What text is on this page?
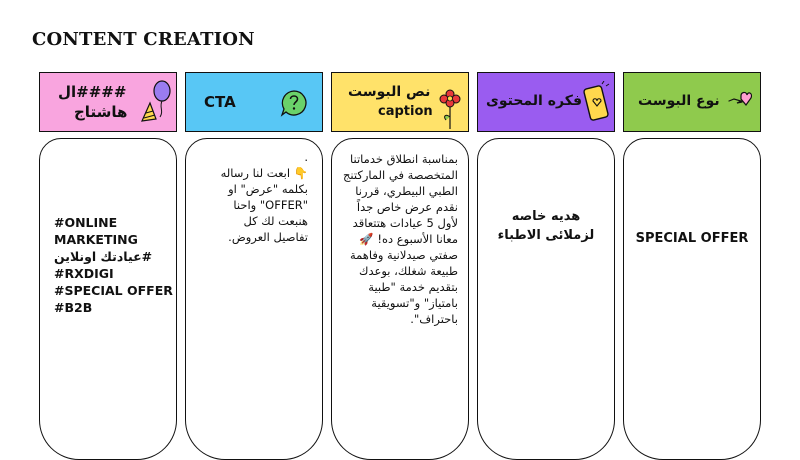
CONTENT CREATION
نوع البوست
SPECIAL OFFER
فكره المحتوى
هديه خاصه
لزملائى الاطباء
نص البوست
caption
بمناسبة انطلاق خدماتنا
المتخصصة في الماركتنج
الطبي البيطري، قررنا
نقدم عرض خاص جداً
لأول 5 عيادات هتتعاقد
معانا الأسبوع ده! 🚀
صفتي صيدلانية وفاهمة
طبيعة شغلك، بوعدك
بتقديم خدمة "طبية
بامتياز" و"تسويقية
باحتراف".
CTA
.
👇 ابعت لنا رساله
بكلمه "عرض" او
"OFFER" واحنا
هنبعت لك كل
تفاصيل العروض.
ال####
هاشتاج
#ONLINE
MARKETING
عيادتك اونلاين#
#RXDIGI
#SPECIAL OFFER
#B2B
